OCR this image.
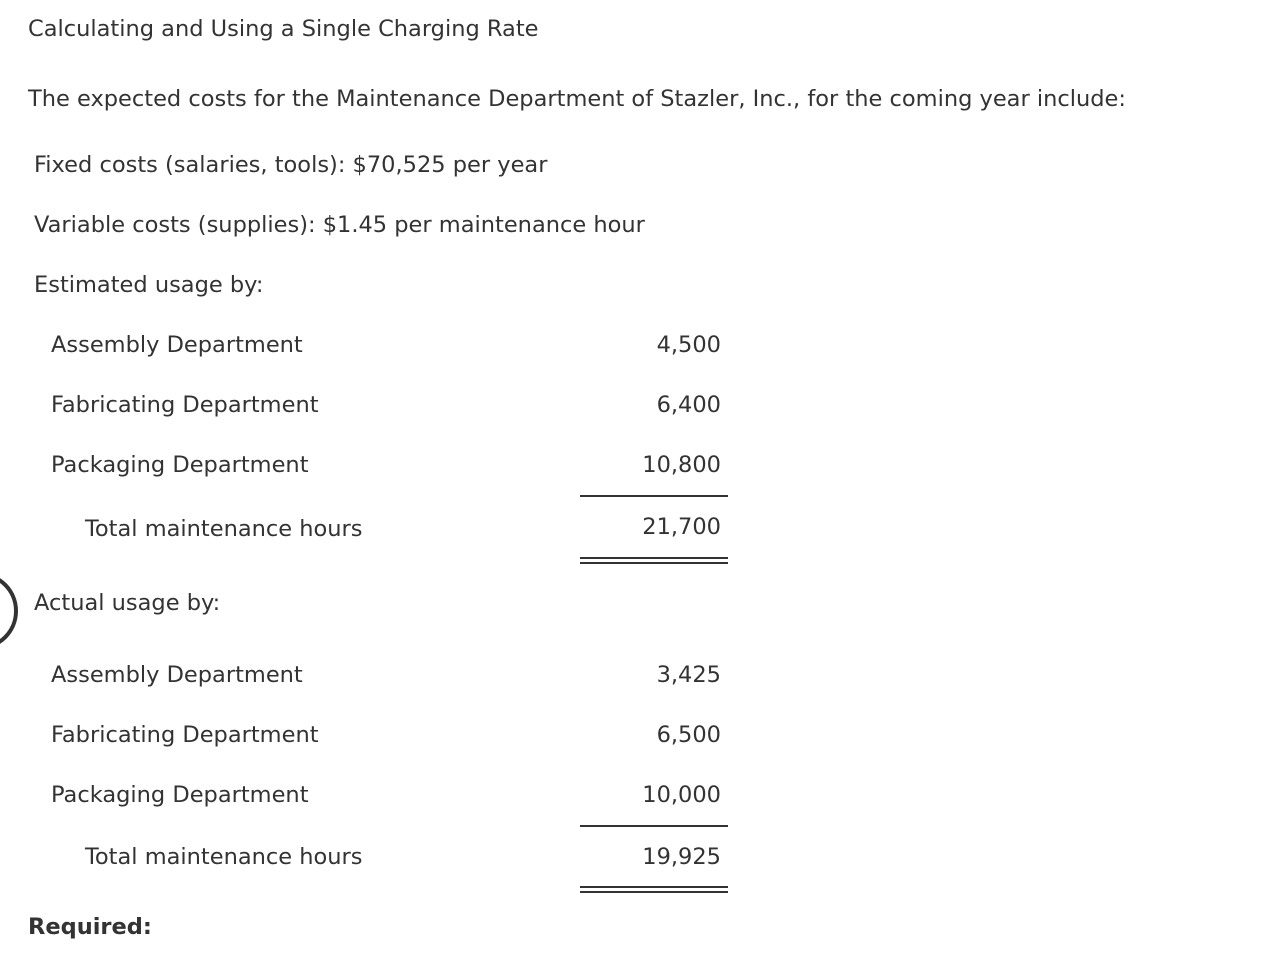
Calculating and Using a Single Charging Rate
The expected costs for the Maintenance Department of Stazler, Inc., for the coming year include:
Fixed costs (salaries, tools): $70,525 per year
Variable costs (supplies): $1.45 per maintenance hour
Estimated usage by:
Assembly Department	4,500
Fabricating Department	6,400
Packaging Department	10,800
Total maintenance hours	21,700
Actual usage by:
Assembly Department	3,425
Fabricating Department	6,500
Packaging Department	10,000
Total maintenance hours	19,925
Required:
